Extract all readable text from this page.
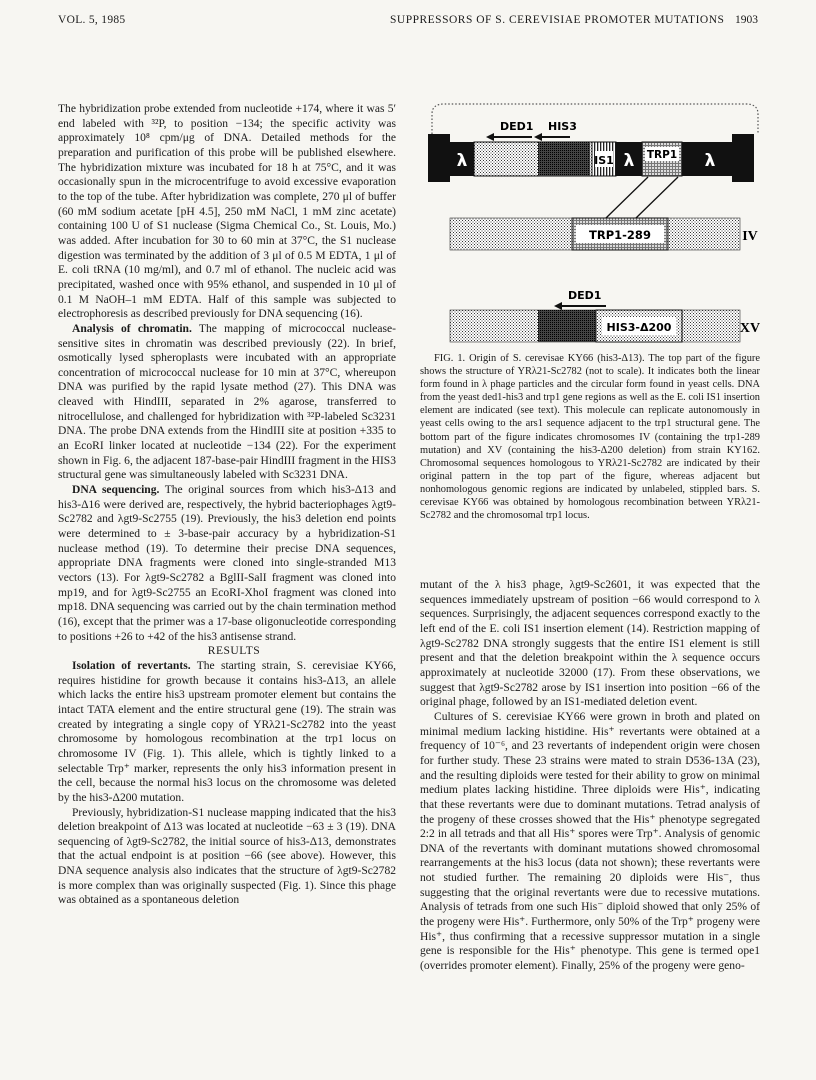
VOL. 5, 1985	SUPPRESSORS OF S. CEREVISIAE PROMOTER MUTATIONS 1903

The hybridization probe extended from nucleotide +174, where it was 5′ end labeled with ³²P, to position −134; the specific activity was approximately 10⁸ cpm/μg of DNA. Detailed methods for the preparation and purification of this probe will be published elsewhere. The hybridization mixture was incubated for 18 h at 75°C, and it was occasionally spun in the microcentrifuge to avoid excessive evaporation to the top of the tube. After hybridization was complete, 270 μl of buffer (60 mM sodium acetate [pH 4.5], 250 mM NaCl, 1 mM zinc acetate) containing 100 U of S1 nuclease (Sigma Chemical Co., St. Louis, Mo.) was added. After incubation for 30 to 60 min at 37°C, the S1 nuclease digestion was terminated by the addition of 3 μl of 0.5 M EDTA, 1 μl of E. coli tRNA (10 mg/ml), and 0.7 ml of ethanol. The nucleic acid was precipitated, washed once with 95% ethanol, and suspended in 10 μl of 0.1 M NaOH–1 mM EDTA. Half of this sample was subjected to electrophoresis as described previously for DNA sequencing (16).

Analysis of chromatin. The mapping of micrococcal nuclease-sensitive sites in chromatin was described previously (22). In brief, osmotically lysed spheroplasts were incubated with an appropriate concentration of micrococcal nuclease for 10 min at 37°C, whereupon DNA was purified by the rapid lysate method (27). This DNA was cleaved with HindIII, separated in 2% agarose, transferred to nitrocellulose, and challenged for hybridization with ³²P-labeled Sc3231 DNA. The probe DNA extends from the HindIII site at position +335 to an EcoRI linker located at nucleotide −134 (22). For the experiment shown in Fig. 6, the adjacent 187-base-pair HindIII fragment in the HIS3 structural gene was simultaneously labeled with Sc3231 DNA.

DNA sequencing. The original sources from which his3-Δ13 and his3-Δ16 were derived are, respectively, the hybrid bacteriophages λgt9-Sc2782 and λgt9-Sc2755 (19). Previously, the his3 deletion end points were determined to ± 3-base-pair accuracy by a hybridization-S1 nuclease method (19). To determine their precise DNA sequences, appropriate DNA fragments were cloned into single-stranded M13 vectors (13). For λgt9-Sc2782 a BglII-SalI fragment was cloned into mp19, and for λgt9-Sc2755 an EcoRI-XhoI fragment was cloned into mp18. DNA sequencing was carried out by the chain termination method (16), except that the primer was a 17-base oligonucleotide corresponding to positions +26 to +42 of the his3 antisense strand.

RESULTS

Isolation of revertants. The starting strain, S. cerevisiae KY66, requires histidine for growth because it contains his3-Δ13, an allele which lacks the entire his3 upstream promoter element but contains the intact TATA element and the entire structural gene (19). The strain was created by integrating a single copy of YRλ21-Sc2782 into the yeast chromosome by homologous recombination at the trp1 locus on chromosome IV (Fig. 1). This allele, which is tightly linked to a selectable Trp⁺ marker, represents the only his3 information present in the cell, because the normal his3 locus on the chromosome was deleted by the his3-Δ200 mutation.

Previously, hybridization-S1 nuclease mapping indicated that the his3 deletion breakpoint of Δ13 was located at nucleotide −63 ± 3 (19). DNA sequencing of λgt9-Sc2782, the initial source of his3-Δ13, demonstrates that the actual endpoint is at position −66 (see above). However, this DNA sequence analysis also indicates that the structure of λgt9-Sc2782 is more complex than was originally suspected (Fig. 1). Since this phage was obtained as a spontaneous deletion

λ	λ	λ
IS1	TRP1
DED1 HIS3
TRP1-289	IV
DED1
HIS3-Δ200	XV

FIG. 1. Origin of S. cerevisae KY66 (his3-Δ13). The top part of the figure shows the structure of YRλ21-Sc2782 (not to scale). It indicates both the linear form found in λ phage particles and the circular form found in yeast cells. DNA from the yeast ded1-his3 and trp1 gene regions as well as the E. coli IS1 insertion element are indicated (see text). This molecule can replicate autonomously in yeast cells owing to the ars1 sequence adjacent to the trp1 structural gene. The bottom part of the figure indicates chromosomes IV (containing the trp1-289 mutation) and XV (containing the his3-Δ200 deletion) from strain KY162. Chromosomal sequences homologous to YRλ21-Sc2782 are indicated by their original pattern in the top part of the figure, whereas adjacent but nonhomologous genomic regions are indicated by unlabeled, stippled bars. S. cerevisae KY66 was obtained by homologous recombination between YRλ21-Sc2782 and the chromosomal trp1 locus.

mutant of the λ his3 phage, λgt9-Sc2601, it was expected that the sequences immediately upstream of position −66 would correspond to λ sequences. Surprisingly, the adjacent sequences correspond exactly to the left end of the E. coli IS1 insertion element (14). Restriction mapping of λgt9-Sc2782 DNA strongly suggests that the entire IS1 element is still present and that the deletion breakpoint within the λ sequence occurs approximately at nucleotide 32000 (17). From these observations, we suggest that λgt9-Sc2782 arose by IS1 insertion into position −66 of the original phage, followed by an IS1-mediated deletion event.

Cultures of S. cerevisiae KY66 were grown in broth and plated on minimal medium lacking histidine. His⁺ revertants were obtained at a frequency of 10⁻⁶, and 23 revertants of independent origin were chosen for further study. These 23 strains were mated to strain D536-13A (23), and the resulting diploids were tested for their ability to grow on minimal medium plates lacking histidine. Three diploids were His⁺, indicating that these revertants were due to dominant mutations. Tetrad analysis of the progeny of these crosses showed that the His⁺ phenotype segregated 2:2 in all tetrads and that all His⁺ spores were Trp⁺. Analysis of genomic DNA of the revertants with dominant mutations showed chromosomal rearrangements at the his3 locus (data not shown); these revertants were not studied further. The remaining 20 diploids were His⁻, thus suggesting that the original revertants were due to recessive mutations. Analysis of tetrads from one such His⁻ diploid showed that only 25% of the progeny were His⁺. Furthermore, only 50% of the Trp⁺ progeny were His⁺, thus confirming that a recessive suppressor mutation in a single gene is responsible for the His⁺ phenotype. This gene is termed ope1 (overrides promoter element). Finally, 25% of the progeny were geno-
